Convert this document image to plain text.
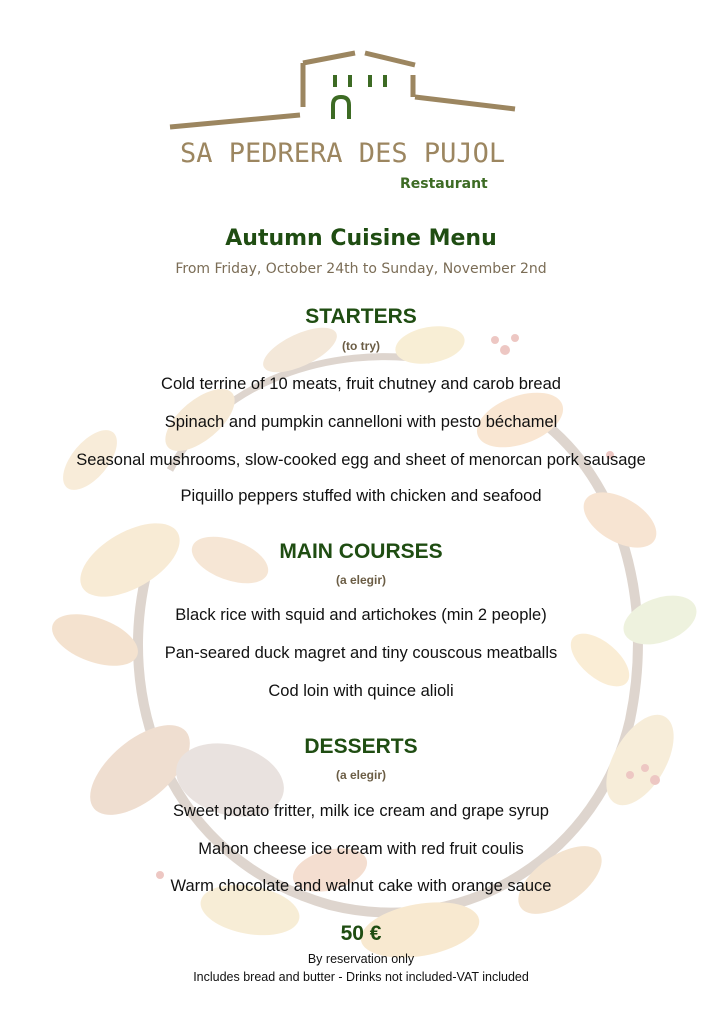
SA PEDRERA DES PUJOL
Restaurant
Autumn Cuisine Menu
From Friday, October 24th to Sunday, November 2nd
STARTERS
(to try)
Cold terrine of 10 meats, fruit chutney and carob bread
Spinach and pumpkin cannelloni with pesto béchamel
Seasonal mushrooms, slow-cooked egg and sheet of menorcan pork sausage
Piquillo peppers stuffed with chicken and seafood
MAIN COURSES
(a elegir)
Black rice with squid and artichokes (min 2 people)
Pan-seared duck magret and tiny couscous meatballs
Cod loin with quince alioli
DESSERTS
(a elegir)
Sweet potato fritter, milk ice cream and grape syrup
Mahon cheese ice cream with red fruit coulis
Warm chocolate and walnut cake with orange sauce
50 €
By reservation only
Includes bread and butter - Drinks not included-VAT included
